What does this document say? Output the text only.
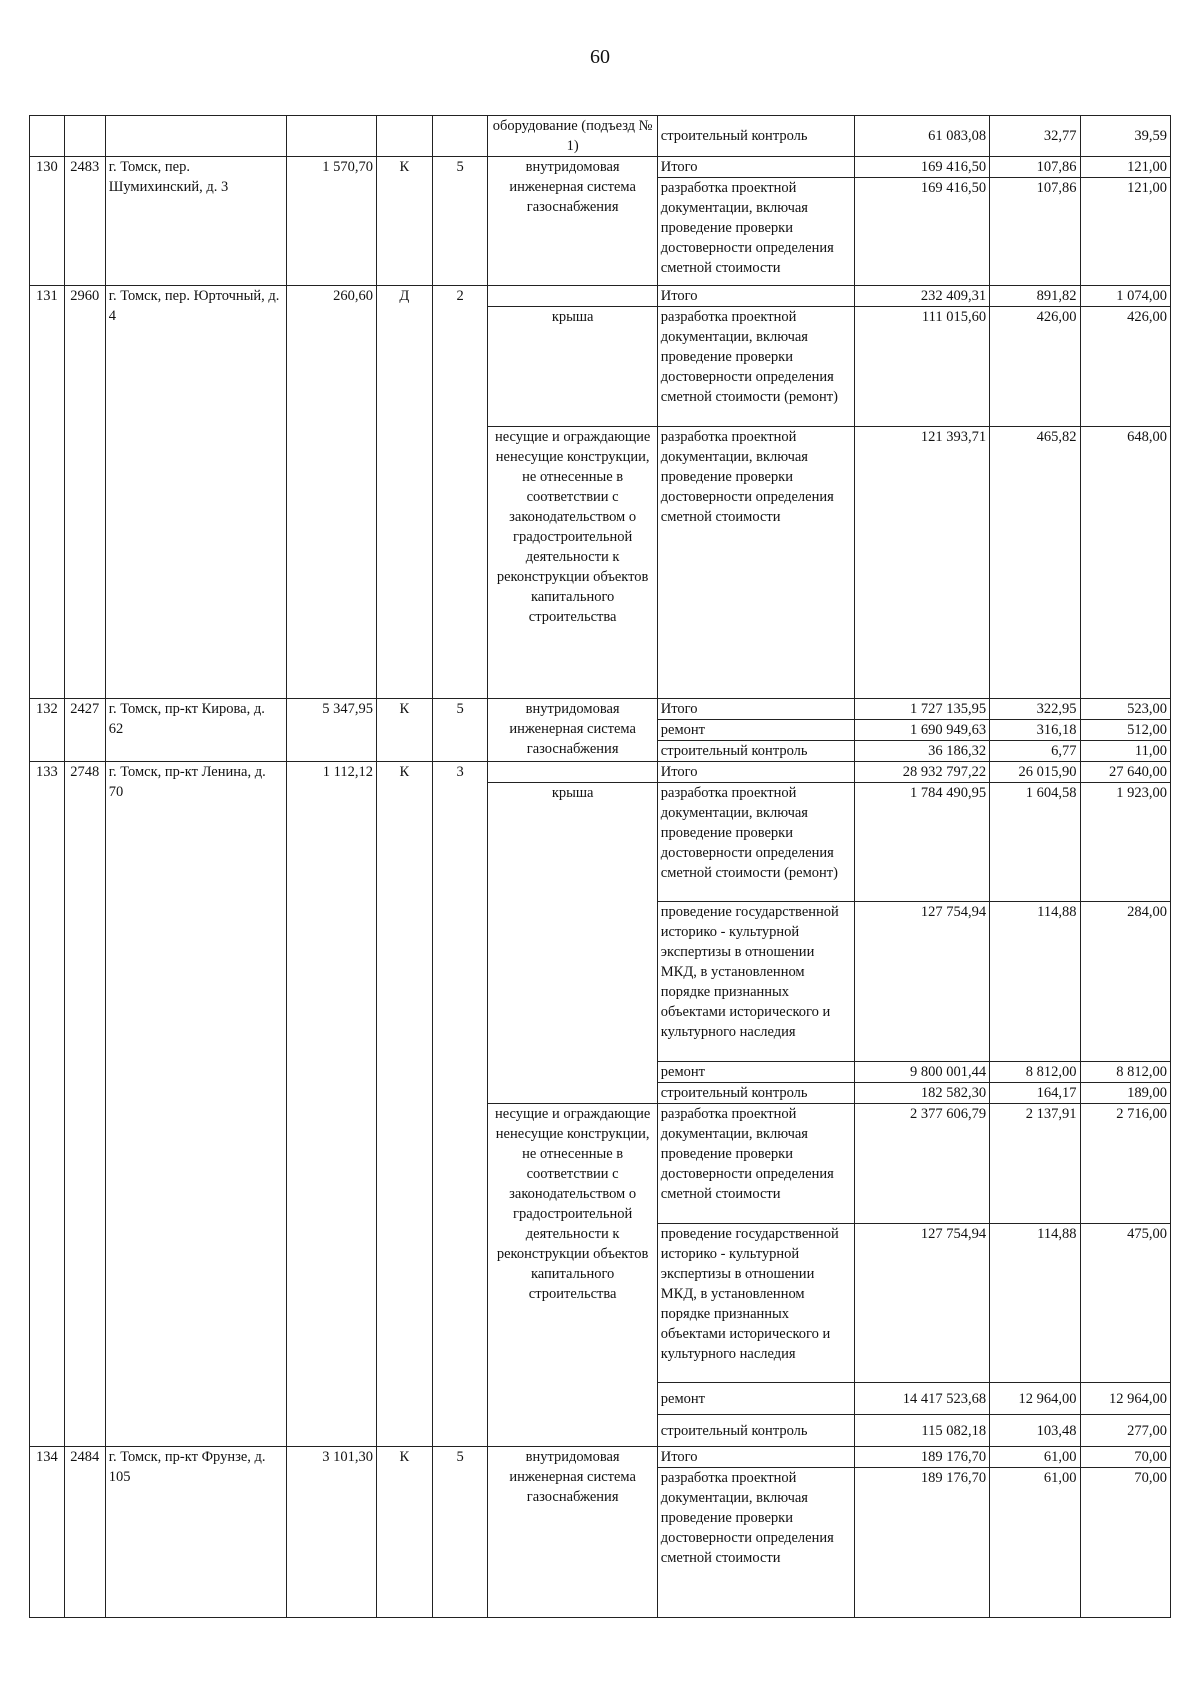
60
						оборудование (подъезд № 1)	строительный контроль	61 083,08	32,77	39,59
130	2483	г. Томск, пер. Шумихинский, д. 3	1 570,70	К	5	внутридомовая инженерная система газоснабжения	Итого	169 416,50	107,86	121,00
							разработка проектной документации, включая проведение проверки достоверности определения сметной стоимости	169 416,50	107,86	121,00
131	2960	г. Томск, пер. Юрточный, д. 4	260,60	Д	2		Итого	232 409,31	891,82	1 074,00
						крыша	разработка проектной документации, включая проведение проверки достоверности определения сметной стоимости (ремонт)	111 015,60	426,00	426,00
						несущие и ограждающие ненесущие конструкции, не отнесенные в соответствии с законодательством о градостроительной деятельности к реконструкции объектов капитального строительства	разработка проектной документации, включая проведение проверки достоверности определения сметной стоимости	121 393,71	465,82	648,00
132	2427	г. Томск, пр-кт Кирова, д. 62	5 347,95	К	5	внутридомовая инженерная система газоснабжения	Итого	1 727 135,95	322,95	523,00
							ремонт	1 690 949,63	316,18	512,00
							строительный контроль	36 186,32	6,77	11,00
133	2748	г. Томск, пр-кт Ленина, д. 70	1 112,12	К	3		Итого	28 932 797,22	26 015,90	27 640,00
						крыша	разработка проектной документации, включая проведение проверки достоверности определения сметной стоимости (ремонт)	1 784 490,95	1 604,58	1 923,00
							проведение государственной историко - культурной экспертизы в отношении МКД, в установленном порядке признанных объектами исторического и культурного наследия	127 754,94	114,88	284,00
							ремонт	9 800 001,44	8 812,00	8 812,00
							строительный контроль	182 582,30	164,17	189,00
						несущие и ограждающие ненесущие конструкции, не отнесенные в соответствии с законодательством о градостроительной деятельности к реконструкции объектов капитального строительства	разработка проектной документации, включая проведение проверки достоверности определения сметной стоимости	2 377 606,79	2 137,91	2 716,00
							проведение государственной историко - культурной экспертизы в отношении МКД, в установленном порядке признанных объектами исторического и культурного наследия	127 754,94	114,88	475,00
							ремонт	14 417 523,68	12 964,00	12 964,00
							строительный контроль	115 082,18	103,48	277,00
134	2484	г. Томск, пр-кт Фрунзе, д. 105	3 101,30	К	5	внутридомовая инженерная система газоснабжения	Итого	189 176,70	61,00	70,00
							разработка проектной документации, включая проведение проверки достоверности определения сметной стоимости	189 176,70	61,00	70,00
